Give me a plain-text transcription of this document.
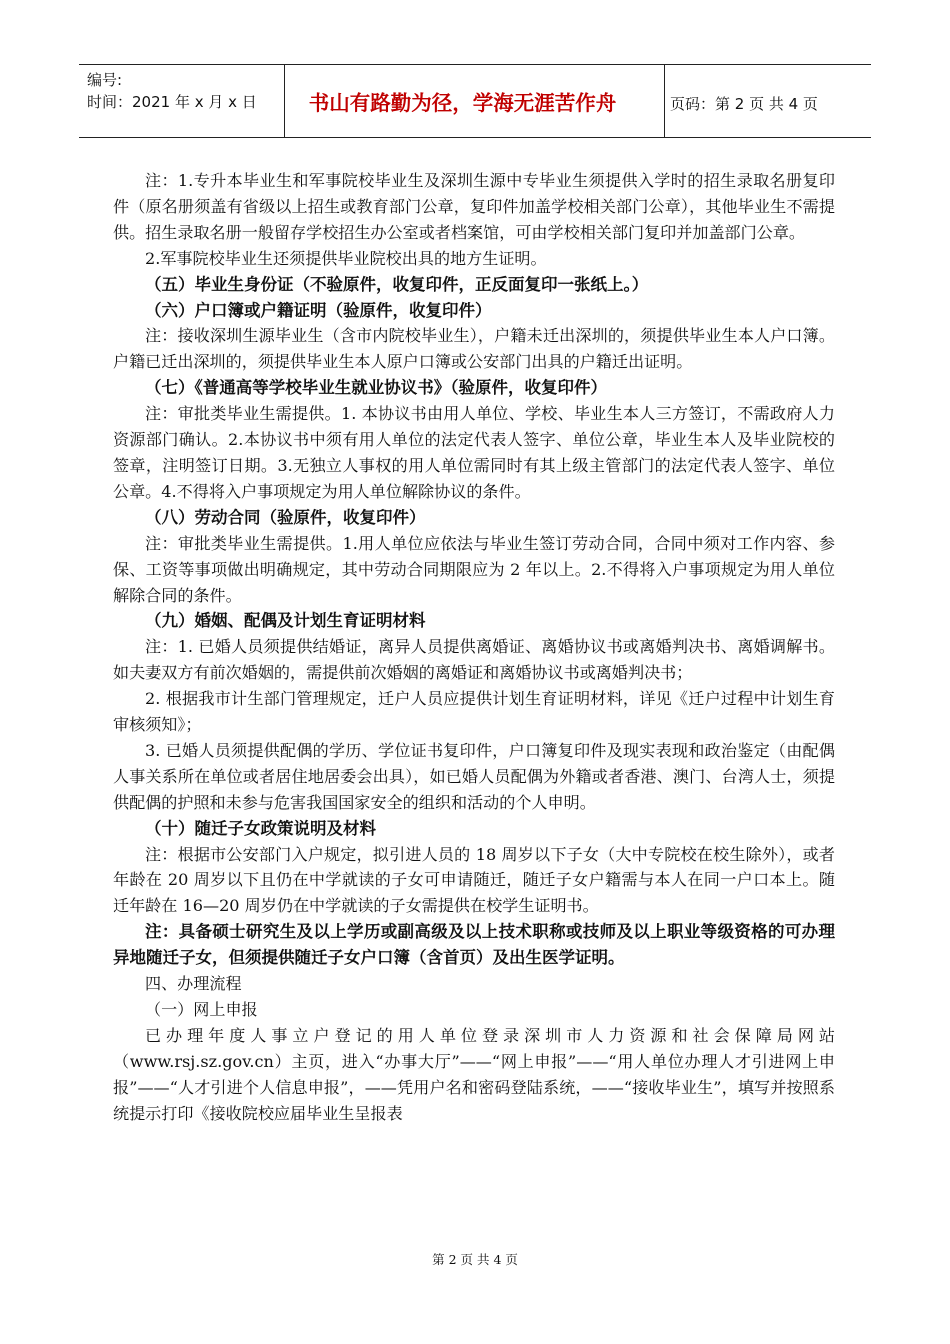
编号:
时间：2021 年 x 月 x 日	书山有路勤为径，学海无涯苦作舟	页码：第 2 页 共 4 页

注：1.专升本毕业生和军事院校毕业生及深圳生源中专毕业生须提供入学时的招生录取名册复印件（原名册须盖有省级以上招生或教育部门公章，复印件加盖学校相关部门公章），其他毕业生不需提供。招生录取名册一般留存学校招生办公室或者档案馆，可由学校相关部门复印并加盖部门公章。

2.军事院校毕业生还须提供毕业院校出具的地方生证明。

（五）毕业生身份证（不验原件，收复印件，正反面复印一张纸上。）

（六）户口簿或户籍证明（验原件，收复印件）

注：接收深圳生源毕业生（含市内院校毕业生），户籍未迁出深圳的，须提供毕业生本人户口簿。户籍已迁出深圳的，须提供毕业生本人原户口簿或公安部门出具的户籍迁出证明。

（七）《普通高等学校毕业生就业协议书》（验原件，收复印件）

注：审批类毕业生需提供。1. 本协议书由用人单位、学校、毕业生本人三方签订，不需政府人力资源部门确认。2.本协议书中须有用人单位的法定代表人签字、单位公章，毕业生本人及毕业院校的签章，注明签订日期。3.无独立人事权的用人单位需同时有其上级主管部门的法定代表人签字、单位公章。4.不得将入户事项规定为用人单位解除协议的条件。

（八）劳动合同（验原件，收复印件）

注：审批类毕业生需提供。1.用人单位应依法与毕业生签订劳动合同，合同中须对工作内容、参保、工资等事项做出明确规定，其中劳动合同期限应为 2 年以上。2.不得将入户事项规定为用人单位解除合同的条件。

（九）婚姻、配偶及计划生育证明材料

注：1. 已婚人员须提供结婚证，离异人员提供离婚证、离婚协议书或离婚判决书、离婚调解书。如夫妻双方有前次婚姻的，需提供前次婚姻的离婚证和离婚协议书或离婚判决书；

2. 根据我市计生部门管理规定，迁户人员应提供计划生育证明材料，详见《迁户过程中计划生育审核须知》；

3. 已婚人员须提供配偶的学历、学位证书复印件，户口簿复印件及现实表现和政治鉴定（由配偶人事关系所在单位或者居住地居委会出具），如已婚人员配偶为外籍或者香港、澳门、台湾人士，须提供配偶的护照和未参与危害我国国家安全的组织和活动的个人申明。

（十）随迁子女政策说明及材料

注：根据市公安部门入户规定，拟引进人员的 18 周岁以下子女（大中专院校在校生除外），或者年龄在 20 周岁以下且仍在中学就读的子女可申请随迁，随迁子女户籍需与本人在同一户口本上。随迁年龄在 16—20 周岁仍在中学就读的子女需提供在校学生证明书。

注：具备硕士研究生及以上学历或副高级及以上技术职称或技师及以上职业等级资格的可办理异地随迁子女，但须提供随迁子女户口簿（含首页）及出生医学证明。

四、办理流程

（一）网上申报

已办理年度人事立户登记的用人单位登录深圳市人力资源和社会保障局网站（www.rsj.sz.gov.cn）主页，进入“办事大厅”——“网上申报”——“用人单位办理人才引进网上申报”——“人才引进个人信息申报”，——凭用户名和密码登陆系统，——“接收毕业生”，填写并按照系统提示打印《接收院校应届毕业生呈报表

第 2 页 共 4 页
